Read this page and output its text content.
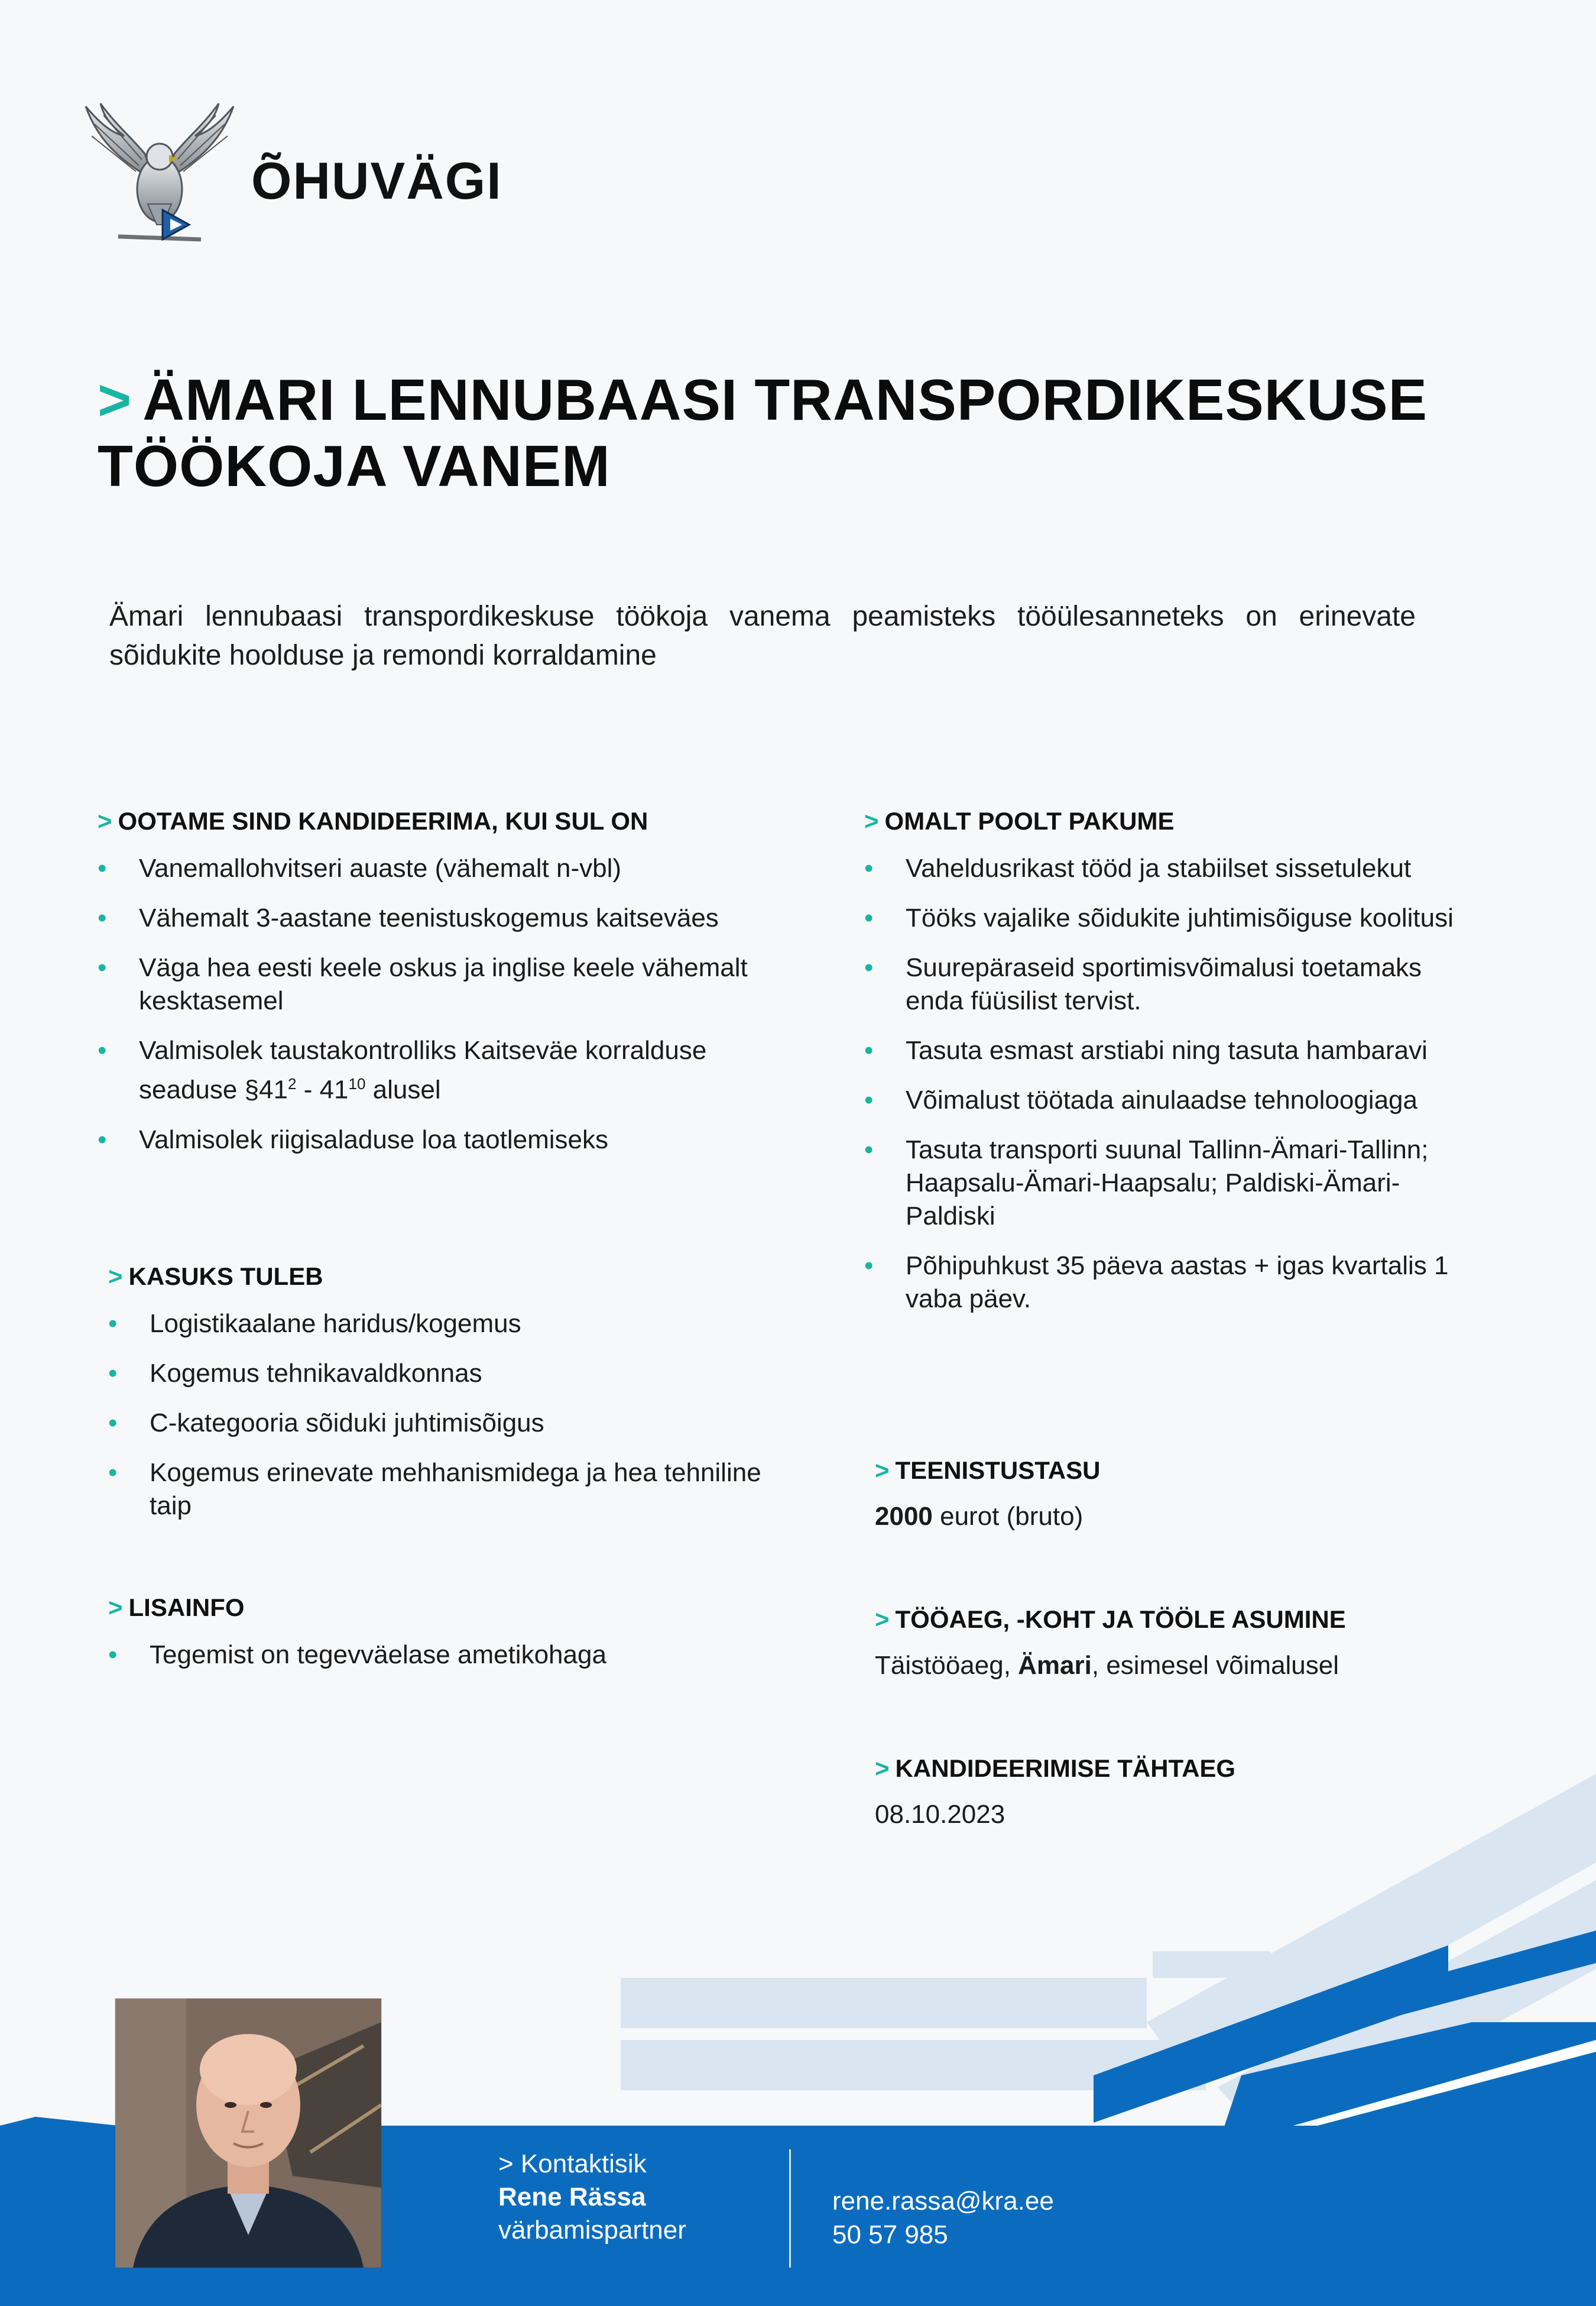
ÕHUVÄGI
> ÄMARI LENNUBAASI TRANSPORDIKESKUSE
TÖÖKOJA VANEM
Ämari lennubaasi transpordikeskuse töökoja vanema peamisteks tööülesanneteks on erinevate sõidukite hoolduse ja remondi korraldamine
> OOTAME SIND KANDIDEERIMA, KUI SUL ON
• Vanemallohvitseri auaste (vähemalt n-vbl)
• Vähemalt 3-aastane teenistuskogemus kaitseväes
• Väga hea eesti keele oskus ja inglise keele vähemalt kesktasemel
• Valmisolek taustakontrolliks Kaitseväe korralduse seaduse $\S 41^2 - 41^{10}$ alusel
• Valmisolek riigisaladuse loa taotlemiseks
> KASUKS TULEB
• Logistikaalane haridus/kogemus
• Kogemus tehnikavaldkonnas
• C-kategooria sõiduki juhtimisõigus
• Kogemus erinevate mehhanismidega ja hea tehniline taip
> LISAINFO
• Tegemist on tegevväelase ametikohaga
> OMALT POOLT PAKUME
• Vaheldusrikast tööd ja stabiilset sissetulekut
• Tööks vajalike sõidukite juhtimisõiguse koolitusi
• Suurepäraseid sportimisvõimalusi toetamaks enda füüsilist tervist.
• Tasuta esmast arstiabi ning tasuta hambaravi
• Võimalust töötada ainulaadse tehnoloogiaga
• Tasuta transporti suunal Tallinn-Ämari-Tallinn; Haapsalu-Ämari-Haapsalu; Paldiski-Ämari-Paldiski
• Põhipuhkust 35 päeva aastas + igas kvartalis 1 vaba päev.
> TEENISTUSTASU
2000 eurot (bruto)
> TÖÖAEG, -KOHT JA TÖÖLE ASUMINE
Täistööaeg, Ämari, esimesel võimalusel
> KANDIDEERIMISE TÄHTAEG
08.10.2023
> Kontaktisik
Rene Rässa
värbamispartner
rene.rassa@kra.ee
50 57 985
